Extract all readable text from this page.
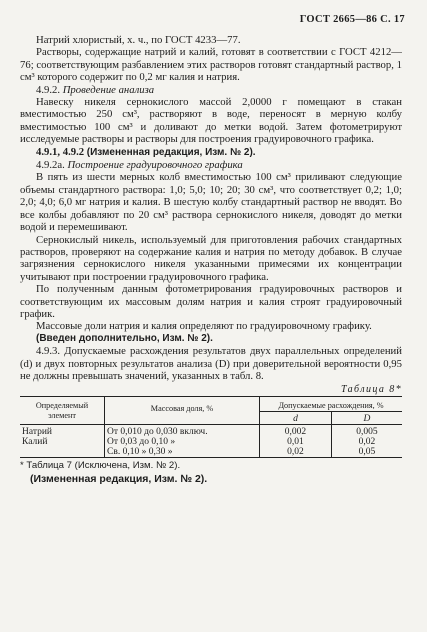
ГОСТ 2665—86 С. 17

Натрий хлористый, х. ч., по ГОСТ 4233—77.

Растворы, содержащие натрий и калий, готовят в соответствии с ГОСТ 4212—76; соответствующим разбавлением этих растворов готовят стандартный раствор, 1 см³ которого содержит по 0,2 мг калия и натрия.

4.9.2. Проведение анализа

Навеску никеля сернокислого массой 2,0000 г помещают в стакан вместимостью 250 см³, растворяют в воде, переносят в мерную колбу вместимостью 100 см³ и доливают до метки водой. Затем фотометрируют исследуемые растворы и растворы для построения градуировочного графика.

4.9.1, 4.9.2 (Измененная редакция, Изм. № 2).

4.9.2а. Построение градуировочного графика

В пять из шести мерных колб вместимостью 100 см³ приливают следующие объемы стандартного раствора: 1,0; 5,0; 10; 20; 30 см³, что соответствует 0,2; 1,0; 2,0; 4,0; 6,0 мг натрия и калия. В шестую колбу стандартный раствор не вводят. Во все колбы добавляют по 20 см³ раствора сернокислого никеля, доводят до метки водой и перемешивают.

Сернокислый никель, используемый для приготовления рабочих стандартных растворов, проверяют на содержание калия и натрия по методу добавок. В случае загрязнения сернокислого никеля указанными примесями их концентрации учитывают при построении градуировочного графика.

По полученным данным фотометрирования градуировочных растворов и соответствующим их массовым долям натрия и калия строят градуировочный график.

Массовые доли натрия и калия определяют по градуировочному графику.

(Введен дополнительно, Изм. № 2).

4.9.3. Допускаемые расхождения результатов двух параллельных определений (d) и двух повторных результатов анализа (D) при доверительной вероятности 0,95 не должны превышать значений, указанных в табл. 8.

Таблица 8*
Определяемый элемент	Массовая доля, %	Допускаемые расхождения, %	
		d	D

Натрий	От 0,010 до 0,030 включ.	0,002	0,005
Калий	От 0,03 до 0,10 »	0,01	0,02
	Св. 0,10 » 0,30 »	0,02	0,05

* Таблица 7 (Исключена, Изм. № 2).

(Измененная редакция, Изм. № 2).
